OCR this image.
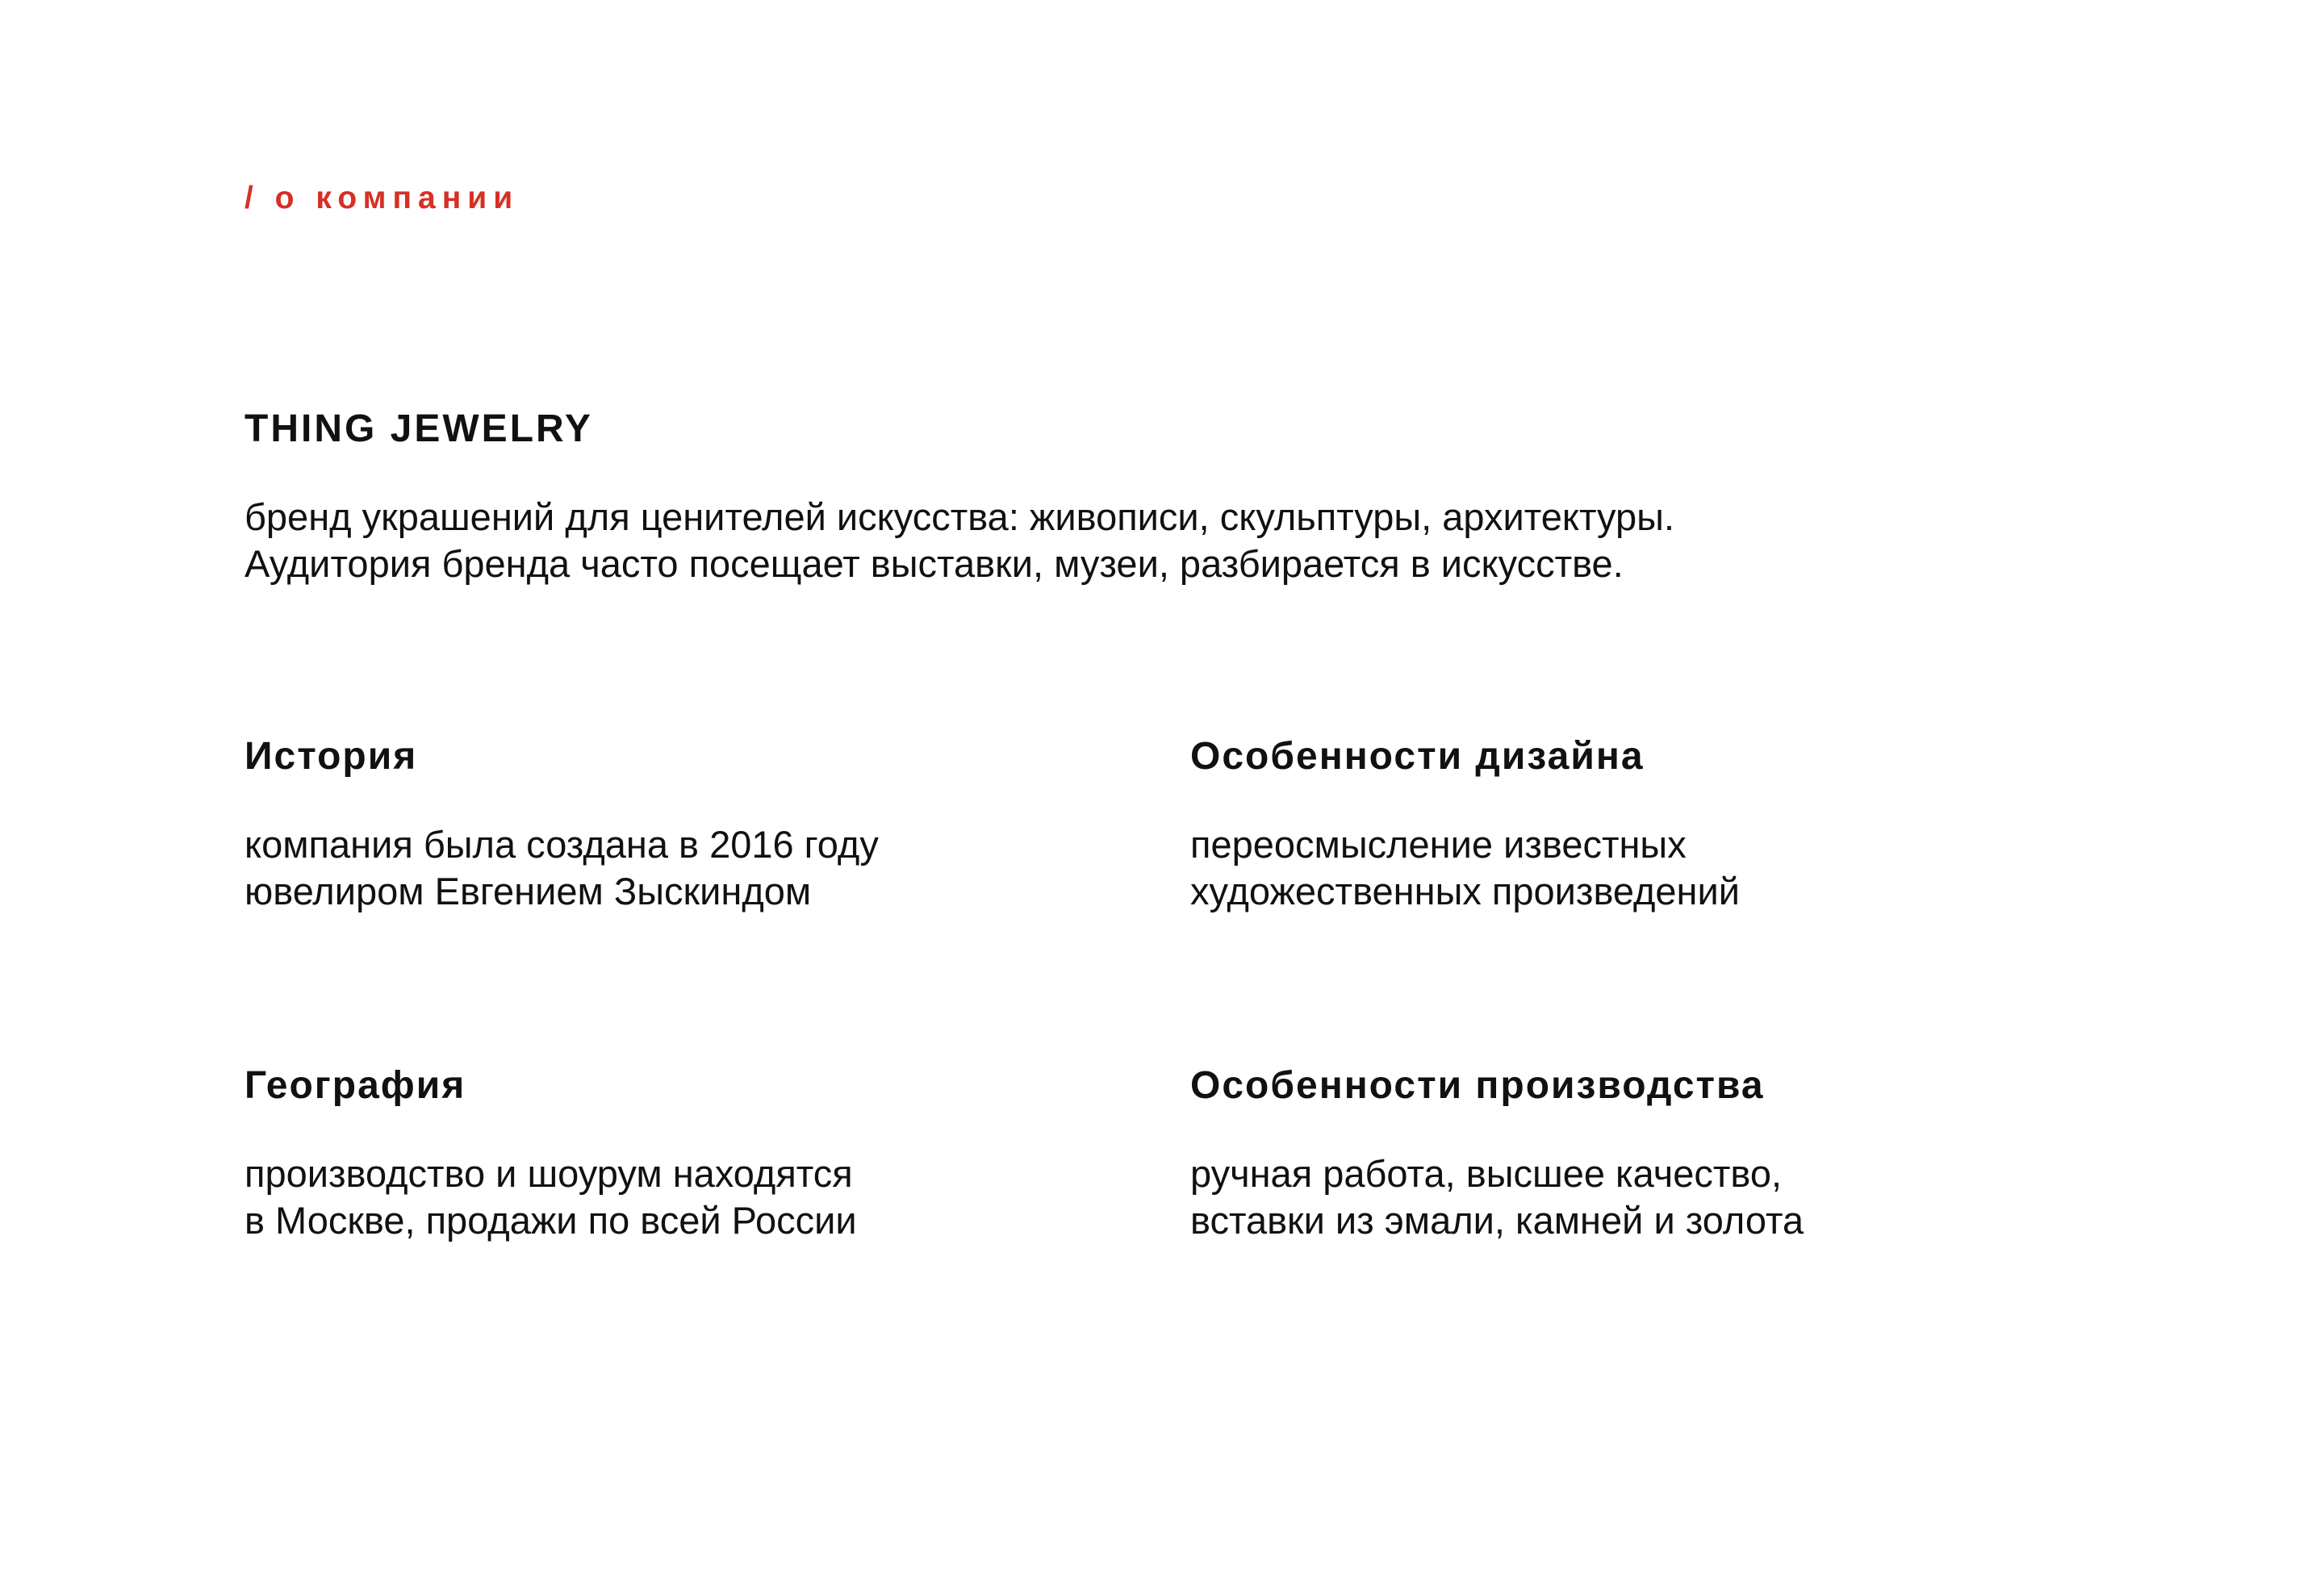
/ о компании
THING JEWELRY
бренд украшений для ценителей искусства: живописи, скульптуры, архитектуры.
Аудитория бренда часто посещает выставки, музеи, разбирается в искусстве.
История
компания была создана в 2016 году
ювелиром Евгением Зыскиндом
Особенности дизайна
переосмысление известных
художественных произведений
География
производство и шоурум находятся
в Москве, продажи по всей России
Особенности производства
ручная работа, высшее качество,
вставки из эмали, камней и золота
